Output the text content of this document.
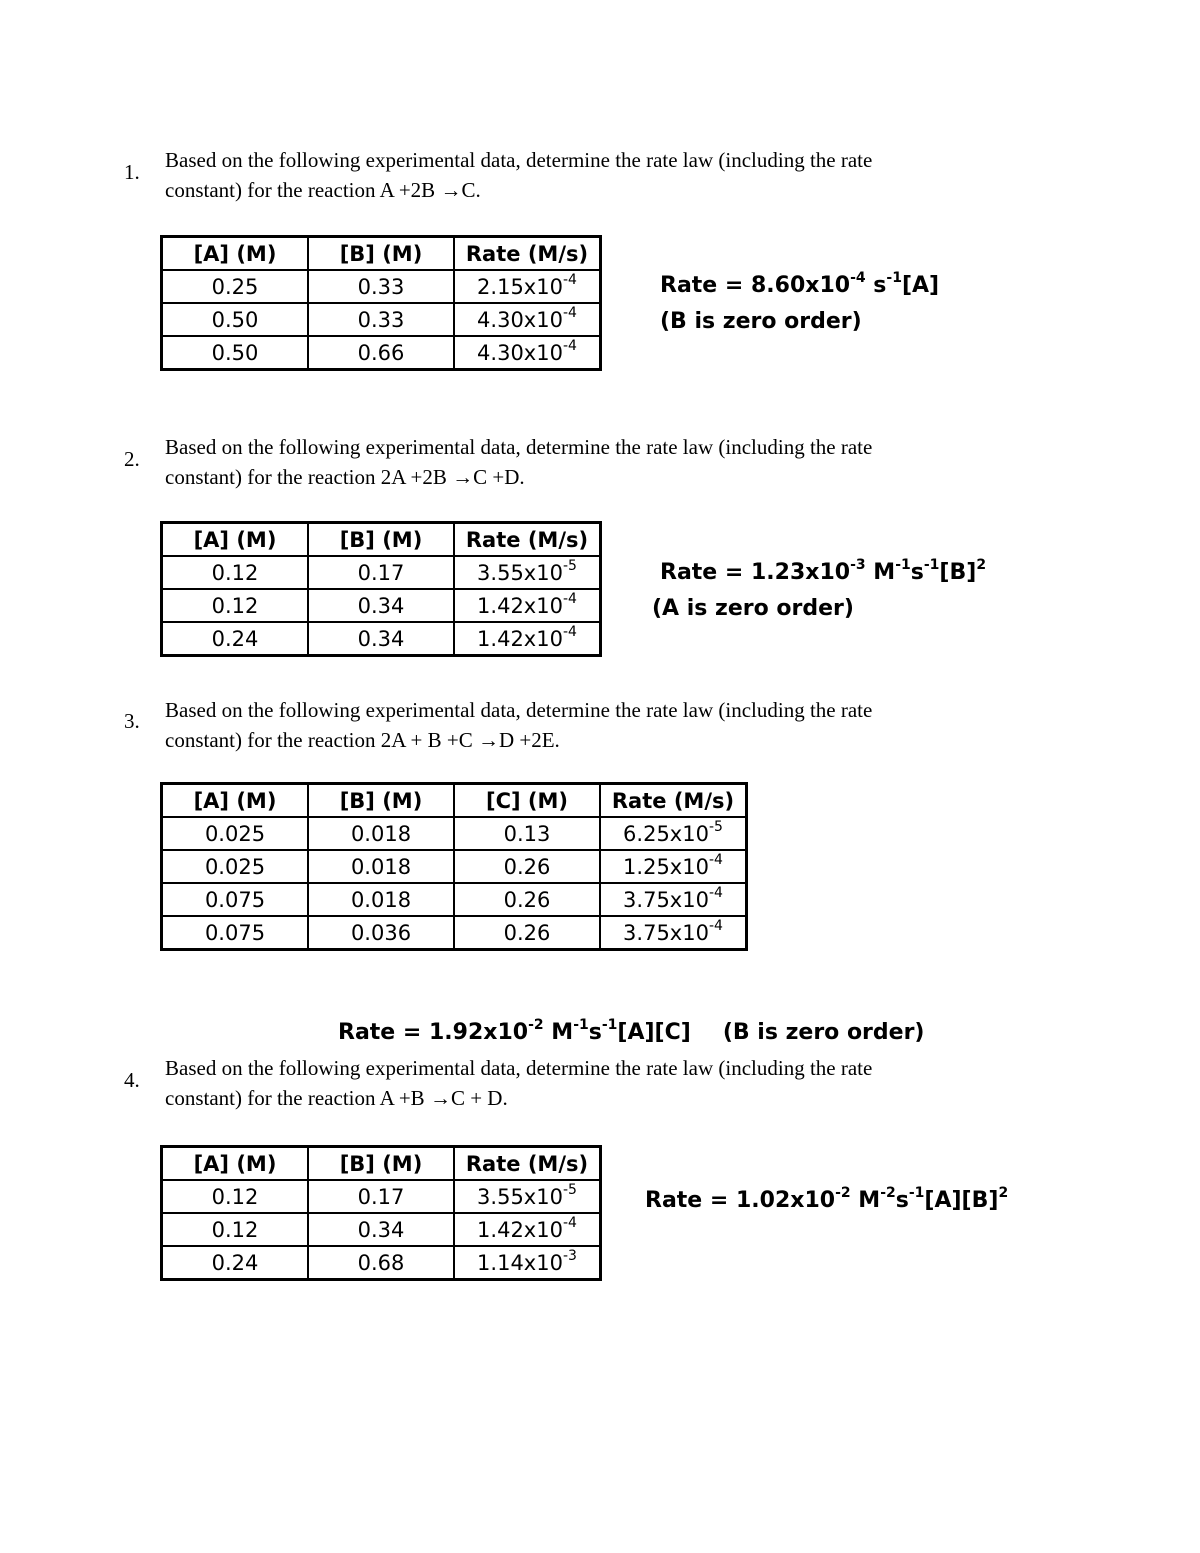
1. Based on the following experimental data, determine the rate law (including the rate
constant) for the reaction A +2B →C.
[A] (M)	[B] (M)	Rate (M/s)
0.25	0.33	$2.15x10^{-4}$
0.50	0.33	$4.30x10^{-4}$
0.50	0.66	$4.30x10^{-4}$
Rate = $8.60x10^{-4}$ $s^{-1}[A]$
(B is zero order)
2. Based on the following experimental data, determine the rate law (including the rate
constant) for the reaction 2A +2B →C +D.
[A] (M)	[B] (M)	Rate (M/s)
0.12	0.17	$3.55x10^{-5}$
0.12	0.34	$1.42x10^{-4}$
0.24	0.34	$1.42x10^{-4}$
Rate = $1.23x10^{-3}$ $M^{-1}s^{-1}[B]^2$
(A is zero order)
3. Based on the following experimental data, determine the rate law (including the rate
constant) for the reaction 2A + B +C →D +2E.
[A] (M)	[B] (M)	[C] (M)	Rate (M/s)
0.025	0.018	0.13	$6.25x10^{-5}$
0.025	0.018	0.26	$1.25x10^{-4}$
0.075	0.018	0.26	$3.75x10^{-4}$
0.075	0.036	0.26	$3.75x10^{-4}$
Rate = $1.92x10^{-2}$ $M^{-1}s^{-1}[A][C]$ (B is zero order)
4. Based on the following experimental data, determine the rate law (including the rate
constant) for the reaction A +B →C + D.
[A] (M)	[B] (M)	Rate (M/s)
0.12	0.17	$3.55x10^{-5}$
0.12	0.34	$1.42x10^{-4}$
0.24	0.68	$1.14x10^{-3}$
Rate = $1.02x10^{-2}$ $M^{-2}s^{-1}[A][B]^2$
